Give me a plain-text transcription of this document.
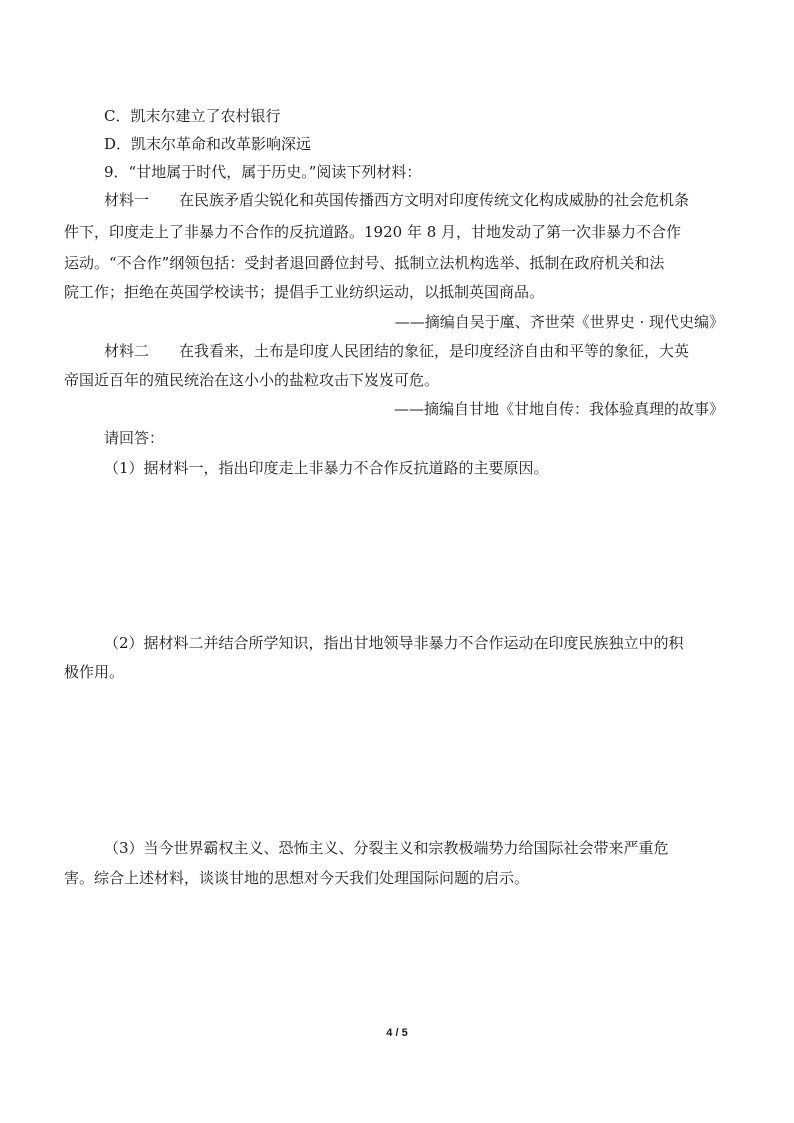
C．凯末尔建立了农村银行
D．凯末尔革命和改革影响深远
9．“甘地属于时代，属于历史。”阅读下列材料：
材料一　　在民族矛盾尖锐化和英国传播西方文明对印度传统文化构成威胁的社会危机条
件下，印度走上了非暴力不合作的反抗道路。1920 年 8 月，甘地发动了第一次非暴力不合作
运动。“不合作”纲领包括：受封者退回爵位封号、抵制立法机构选举、抵制在政府机关和法
院工作；拒绝在英国学校读书；提倡手工业纺织运动，以抵制英国商品。
——摘编自吴于廑、齐世荣《世界史 · 现代史编》
材料二　　在我看来，土布是印度人民团结的象征，是印度经济自由和平等的象征，大英
帝国近百年的殖民统治在这小小的盐粒攻击下岌岌可危。
——摘编自甘地《甘地自传：我体验真理的故事》
请回答：
（1）据材料一，指出印度走上非暴力不合作反抗道路的主要原因。
（2）据材料二并结合所学知识，指出甘地领导非暴力不合作运动在印度民族独立中的积
极作用。
（3）当今世界霸权主义、恐怖主义、分裂主义和宗教极端势力给国际社会带来严重危
害。综合上述材料，谈谈甘地的思想对今天我们处理国际问题的启示。
4 / 5
